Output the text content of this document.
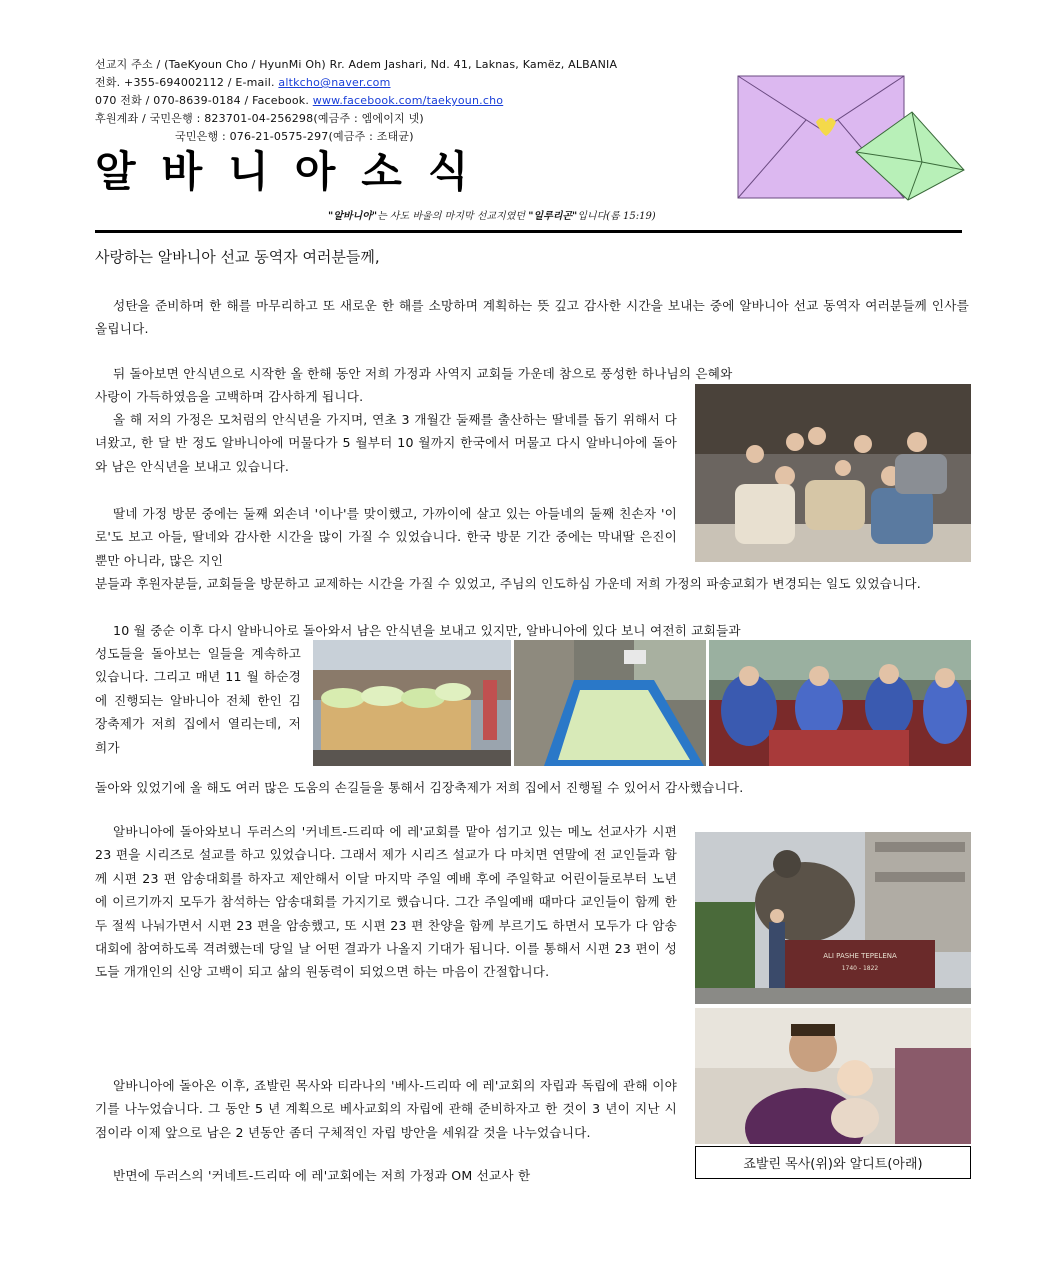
선교지 주소 / (TaeKyoun Cho / HyunMi Oh) Rr. Adem Jashari, Nd. 41, Laknas, Kamëz, ALBANIA
전화. +355-694002112 / E-mail. altkcho@naver.com
070 전화 / 070-8639-0184 / Facebook. www.facebook.com/taekyoun.cho
후원계좌 / 국민은행 : 823701-04-256298(예금주 : 엠에이지 넷)
국민은행 : 076-21-0575-297(예금주 : 조태균)
알바니아소식
"알바니아"는 사도 바울의 마지막 선교지였던 "일루리곤"입니다(롬 15:19)
사랑하는 알바니아 선교 동역자 여러분들께,
성탄을 준비하며 한 해를 마무리하고 또 새로운 한 해를 소망하며 계획하는 뜻 깊고 감사한 시간을 보내는 중에 알바니아 선교 동역자 여러분들께 인사를 올립니다.
뒤 돌아보면 안식년으로 시작한 올 한해 동안 저희 가정과 사역지 교회들 가운데 참으로 풍성한 하나님의 은혜와
사랑이 가득하였음을 고백하며 감사하게 됩니다.
올 해 저의 가정은 모처럼의 안식년을 가지며, 연초 3 개월간 둘째를 출산하는 딸네를 돕기 위해서 다녀왔고, 한 달 반 정도 알바니아에 머물다가 5 월부터 10 월까지 한국에서 머물고 다시 알바니아에 돌아와 남은 안식년을 보내고 있습니다.
딸네 가정 방문 중에는 둘째 외손녀 '이나'를 맞이했고, 가까이에 살고 있는 아들네의 둘째 친손자 '이로'도 보고 아들, 딸네와 감사한 시간을 많이 가질 수 있었습니다. 한국 방문 기간 중에는 막내딸 은진이 뿐만 아니라, 많은 지인
분들과 후원자분들, 교회들을 방문하고 교제하는 시간을 가질 수 있었고, 주님의 인도하심 가운데 저희 가정의 파송교회가 변경되는 일도 있었습니다.
10 월 중순 이후 다시 알바니아로 돌아와서 남은 안식년을 보내고 있지만, 알바니아에 있다 보니 여전히 교회들과
성도들을 돌아보는 일들을 계속하고 있습니다. 그리고 매년 11 월 하순경에 진행되는 알바니아 전체 한인 김장축제가 저희 집에서 열리는데, 저희가
돌아와 있었기에 올 해도 여러 많은 도움의 손길들을 통해서 김장축제가 저희 집에서 진행될 수 있어서 감사했습니다.
ALI PASHE TEPELENA
1740 - 1822
죠발린 목사(위)와 알디트(아래)
알바니아에 돌아와보니 두러스의 '커네트-드리따 에 레'교회를 맡아 섬기고 있는 메노 선교사가 시편 23 편을 시리즈로 설교를 하고 있었습니다. 그래서 제가 시리즈 설교가 다 마치면 연말에 전 교인들과 함께 시편 23 편 암송대회를 하자고 제안해서 이달 마지막 주일 예배 후에 주일학교 어린이들로부터 노년에 이르기까지 모두가 참석하는 암송대회를 가지기로 했습니다. 그간 주일예배 때마다 교인들이 함께 한 두 절씩 나눠가면서 시편 23 편을 암송했고, 또 시편 23 편 찬양을 함께 부르기도 하면서 모두가 다 암송대회에 참여하도록 격려했는데 당일 날 어떤 결과가 나올지 기대가 됩니다. 이를 통해서 시편 23 편이 성도들 개개인의 신앙 고백이 되고 삶의 원동력이 되었으면 하는 마음이 간절합니다.
알바니아에 돌아온 이후, 죠발린 목사와 티라나의 '베사-드리따 에 레'교회의 자립과 독립에 관해 이야기를 나누었습니다. 그 동안 5 년 계획으로 베사교회의 자립에 관해 준비하자고 한 것이 3 년이 지난 시점이라 이제 앞으로 남은 2 년동안 좀더 구체적인 자립 방안을 세워갈 것을 나누었습니다.
반면에 두러스의 '커네트-드리따 에 레'교회에는 저희 가정과 OM 선교사 한
